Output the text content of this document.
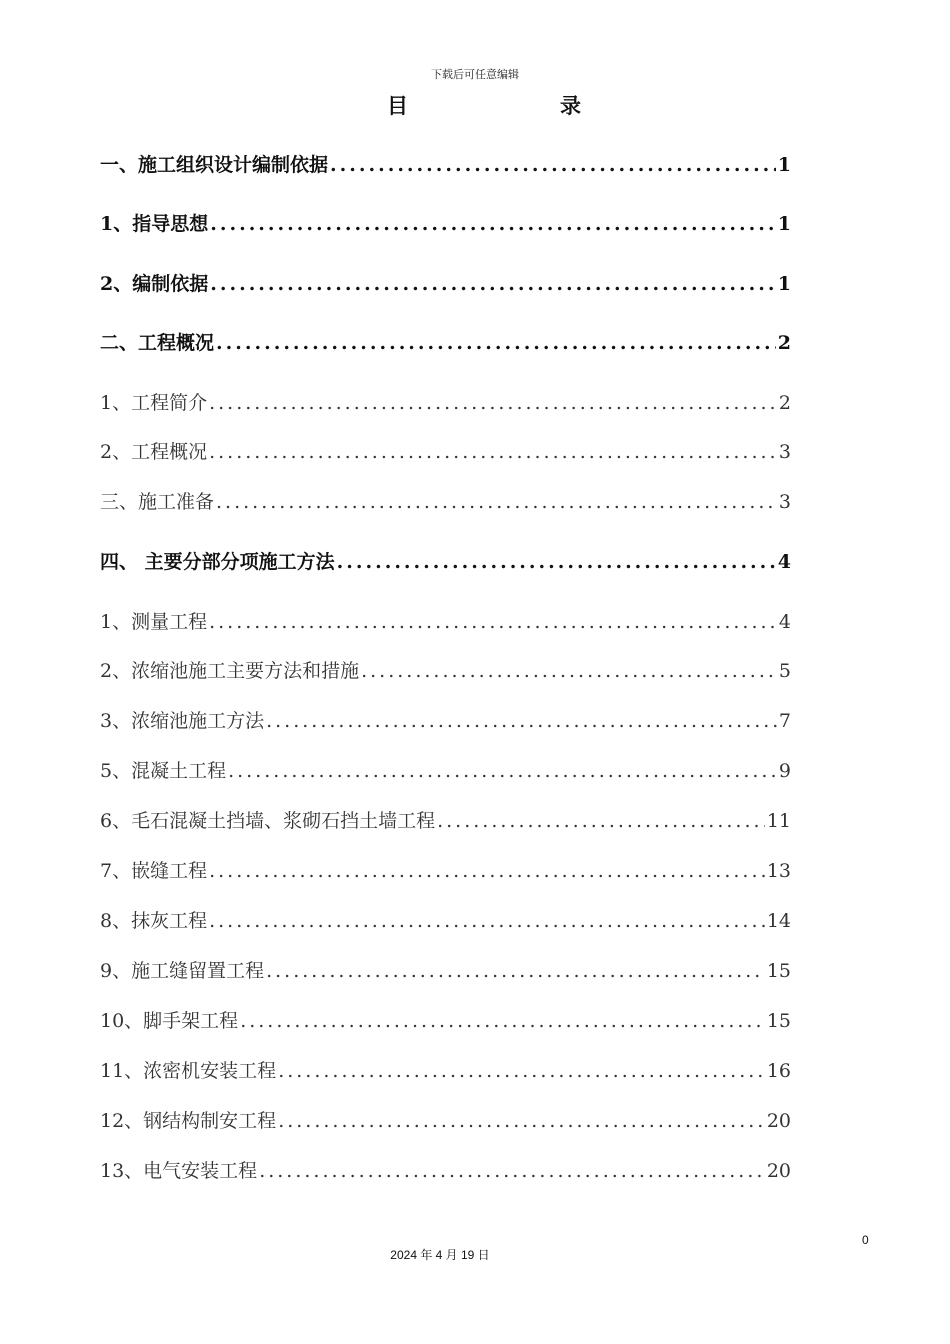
下载后可任意编辑
目	录
一、施工组织设计编制依据 .....	1
1、指导思想 .....	1
2、编制依据 .....	1
二、工程概况 .....	2
1、工程简介 .....	2
2、工程概况 .....	3
三、施工准备 .....	3
四、 主要分部分项施工方法 .....	4
1、测量工程 .....	4
2、浓缩池施工主要方法和措施 .....	5
3、浓缩池施工方法 .....	7
5、混凝土工程 .....	9
6、毛石混凝土挡墙、浆砌石挡土墙工程 .....	11
7、嵌缝工程 .....	13
8、抹灰工程 .....	14
9、施工缝留置工程 .....	15
10、脚手架工程 .....	15
11、浓密机安装工程 .....	16
12、钢结构制安工程 .....	20
13、电气安装工程 .....	20
0
2024 年 4 月 19 日
